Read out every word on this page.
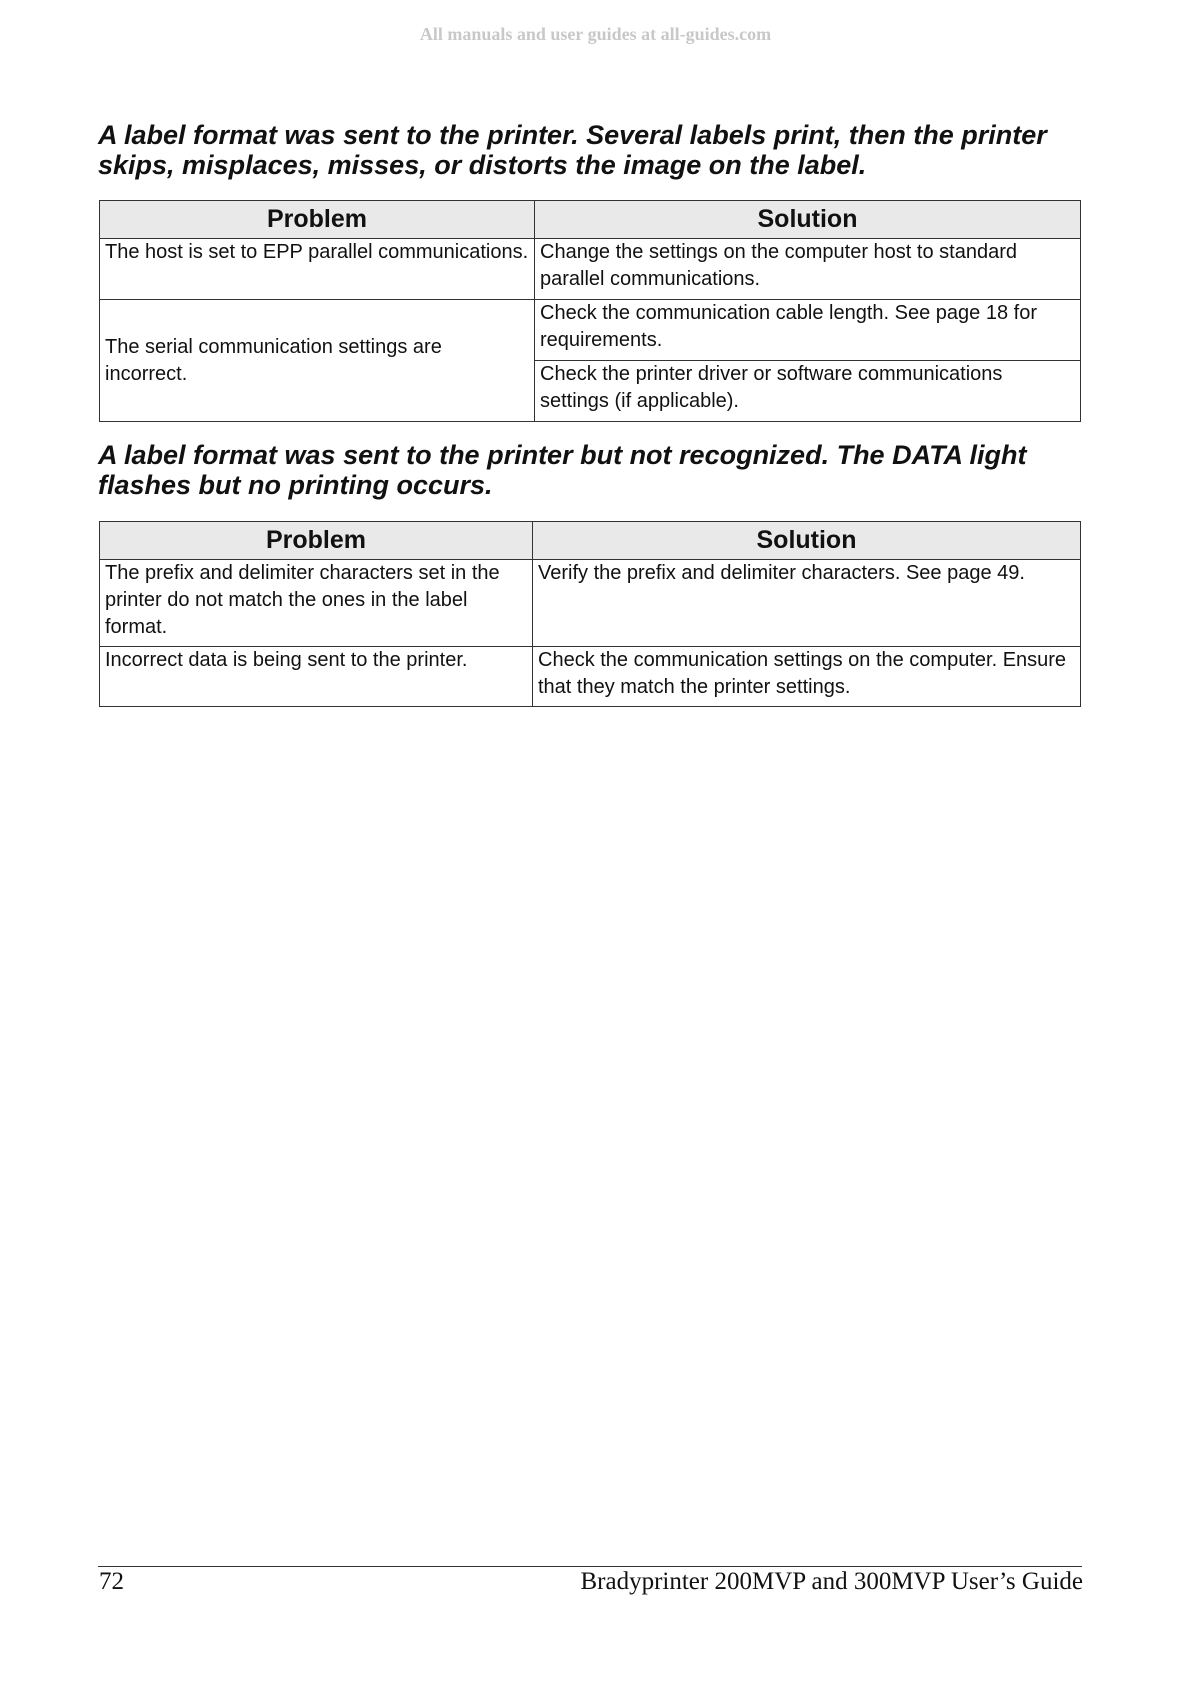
All manuals and user guides at all-guides.com
A label format was sent to the printer. Several labels print, then the printer skips, misplaces, misses, or distorts the image on the label.
Problem	Solution
The host is set to EPP parallel communications.	Change the settings on the computer host to standard parallel communications.
The serial communication settings are incorrect.	Check the communication cable length. See page 18 for requirements.
	Check the printer driver or software communications settings (if applicable).
A label format was sent to the printer but not recognized. The DATA light flashes but no printing occurs.
Problem	Solution
The prefix and delimiter characters set in the printer do not match the ones in the label format.	Verify the prefix and delimiter characters. See page 49.
Incorrect data is being sent to the printer.	Check the communication settings on the computer. Ensure that they match the printer settings.
72	Bradyprinter 200MVP and 300MVP User’s Guide
